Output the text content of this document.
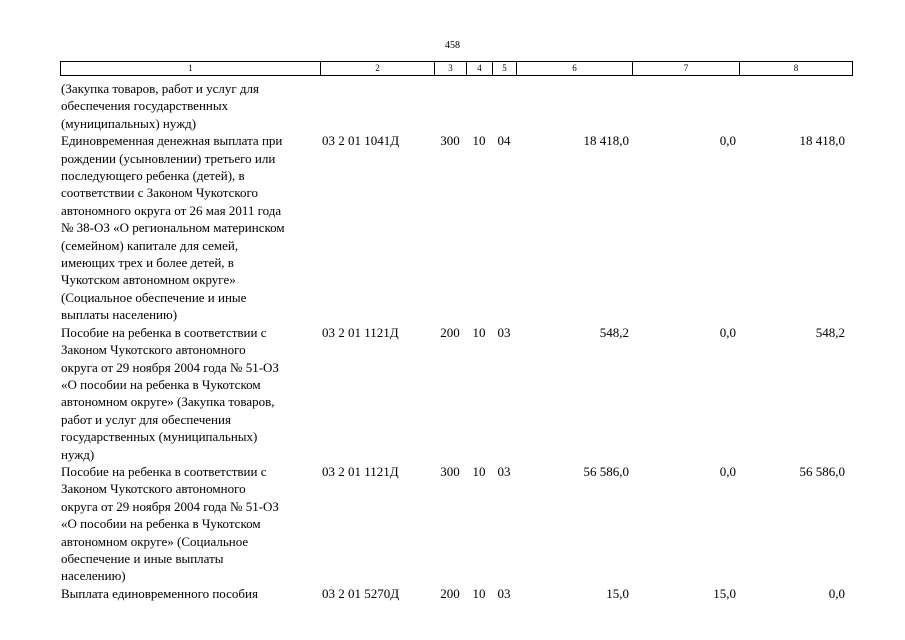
458
1	2	3	4	5	6	7	8
(Закупка товаров, работ и услуг для
обеспечения государственных
(муниципальных) нужд)
Единовременная денежная выплата при
рождении (усыновлении) третьего или
последующего ребенка (детей), в
соответствии с Законом Чукотского
автономного округа от 26 мая 2011 года
№ 38-ОЗ «О региональном материнском
(семейном) капитале для семей,
имеющих трех и более детей, в
Чукотском автономном округе»
(Социальное обеспечение и иные
выплаты населению)
03 2 01 1041Д	300 10 04	18 418,0	0,0	18 418,0
Пособие на ребенка в соответствии с
Законом Чукотского автономного
округа от 29 ноября 2004 года № 51-ОЗ
«О пособии на ребенка в Чукотском
автономном округе» (Закупка товаров,
работ и услуг для обеспечения
государственных (муниципальных)
нужд)
03 2 01 1121Д	200 10 03	548,2	0,0	548,2
Пособие на ребенка в соответствии с
Законом Чукотского автономного
округа от 29 ноября 2004 года № 51-ОЗ
«О пособии на ребенка в Чукотском
автономном округе» (Социальное
обеспечение и иные выплаты
населению)
03 2 01 1121Д	300 10 03	56 586,0	0,0	56 586,0
Выплата единовременного пособия	03 2 01 5270Д	200 10 03	15,0	15,0	0,0
